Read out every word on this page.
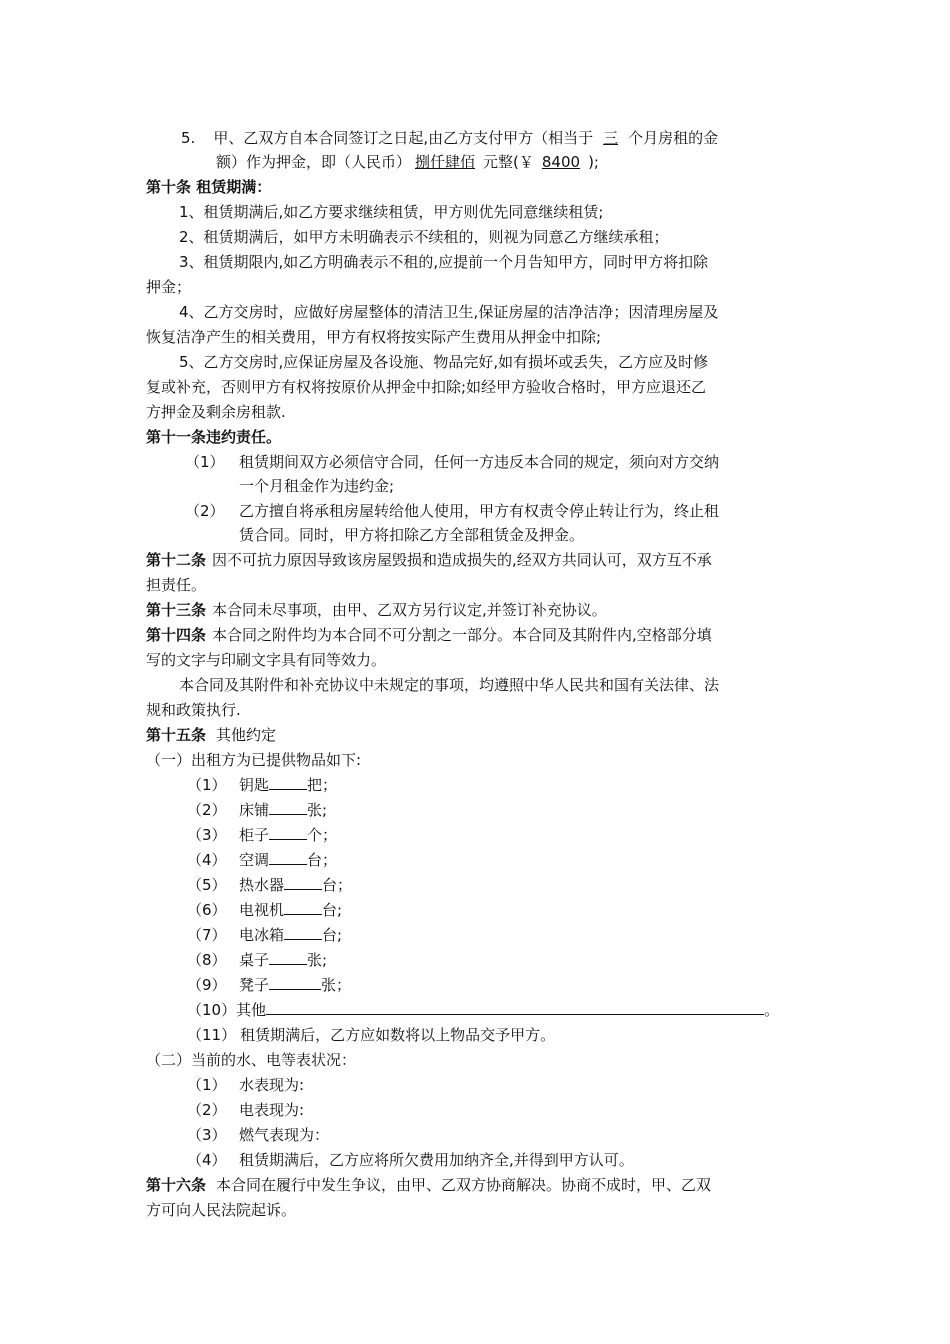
5. 甲、乙双方自本合同签订之日起,由乙方支付甲方（相当于 三 个月房租的金
额）作为押金，即（人民币） 捌仟肆佰 元整(￥ 8400 );
第十条 租赁期满：
1、租赁期满后,如乙方要求继续租赁，甲方则优先同意继续租赁;
2、租赁期满后，如甲方未明确表示不续租的，则视为同意乙方继续承租；
3、租赁期限内,如乙方明确表示不租的,应提前一个月告知甲方，同时甲方将扣除
押金；
4、乙方交房时，应做好房屋整体的清洁卫生,保证房屋的洁净洁净；因清理房屋及
恢复洁净产生的相关费用，甲方有权将按实际产生费用从押金中扣除;
5、乙方交房时,应保证房屋及各设施、物品完好,如有损坏或丢失，乙方应及时修
复或补充，否则甲方有权将按原价从押金中扣除;如经甲方验收合格时，甲方应退还乙
方押金及剩余房租款.
第十一条违约责任。
（1） 租赁期间双方必须信守合同，任何一方违反本合同的规定，须向对方交纳
一个月租金作为违约金;
（2） 乙方擅自将承租房屋转给他人使用，甲方有权责令停止转让行为，终止租
赁合同。同时，甲方将扣除乙方全部租赁金及押金。
第十二条 因不可抗力原因导致该房屋毁损和造成损失的,经双方共同认可，双方互不承
担责任。
第十三条 本合同未尽事项，由甲、乙双方另行议定,并签订补充协议。
第十四条 本合同之附件均为本合同不可分割之一部分。本合同及其附件内,空格部分填
写的文字与印刷文字具有同等效力。
本合同及其附件和补充协议中未规定的事项，均遵照中华人民共和国有关法律、法
规和政策执行.
第十五条 其他约定
（一）出租方为已提供物品如下:
（1） 钥匙	把；
（2） 床铺	张;
（3） 柜子	个；
（4） 空调	台；
（5） 热水器	台；
（6） 电视机	台;
（7） 电冰箱	台;
（8） 桌子	张;
（9） 凳子	张；
（10）其他	。
（11） 租赁期满后，乙方应如数将以上物品交予甲方。
（二）当前的水、电等表状况：
（1） 水表现为:
（2） 电表现为:
（3） 燃气表现为：
（4） 租赁期满后，乙方应将所欠费用加纳齐全,并得到甲方认可。
第十六条 本合同在履行中发生争议，由甲、乙双方协商解决。协商不成时，甲、乙双
方可向人民法院起诉。
